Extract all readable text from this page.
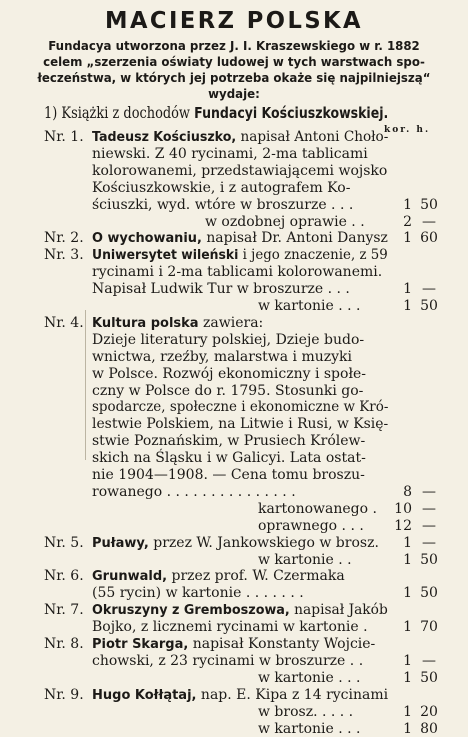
MACIERZ POLSKA
Fundacya utworzona przez J. I. Kraszewskiego w r. 1882
celem „szerzenia oświaty ludowej w tych warstwach spo-
łeczeństwa, w których jej potrzeba okaże się najpilniejszą“
wydaje:
1) Książki z dochodów Fundacyi Kościuszkowskiej.
kor. h.
Nr. 1. Tadeusz Kościuszko, napisał Antoni Choło-
niewski. Z 40 rycinami, 2-ma tablicami
kolorowanemi, przedstawiającemi wojsko
Kościuszkowskie, i z autografem Ko-
ściuszki, wyd. wtóre w broszurze . . .	1 50
w ozdobnej oprawie . .	2 —
Nr. 2. O wychowaniu, napisał Dr. Antoni Danysz	1 60
Nr. 3. Uniwersytet wileński i jego znaczenie, z 59
rycinami i 2-ma tablicami kolorowanemi.
Napisał Ludwik Tur w broszurze . . .	1 —
w kartonie . . .	1 50
Nr. 4. Kultura polska zawiera:
Dzieje literatury polskiej, Dzieje budo-
wnictwa, rzeźby, malarstwa i muzyki
w Polsce. Rozwój ekonomiczny i społe-
czny w Polsce do r. 1795. Stosunki go-
spodarcze, społeczne i ekonomiczne w Kró-
lestwie Polskiem, na Litwie i Rusi, w Księ-
stwie Poznańskim, w Prusiech Królew-
skich na Śląsku i w Galicyi. Lata ostat-
nie 1904—1908. — Cena tomu broszu-
rowanego . . . . . . . . . . . . . . .	8 —
kartonowanego . 10 —
oprawnego . . . 12 —
Nr. 5. Puławy, przez W. Jankowskiego w brosz.	1 —
w kartonie . .	1 50
Nr. 6. Grunwald, przez prof. W. Czermaka
(55 rycin) w kartonie . . . . . . .	1 50
Nr. 7. Okruszyny z Gremboszowa, napisał Jakób
Bojko, z licznemi rycinami w kartonie .	1 70
Nr. 8. Piotr Skarga, napisał Konstanty Wojcie-
chowski, z 23 rycinami w broszurze . .	1 —
w kartonie . . .	1 50
Nr. 9. Hugo Kołłątaj, nap. E. Kipa z 14 rycinami
w brosz. . . . .	1 20
w kartonie . . .	1 80
